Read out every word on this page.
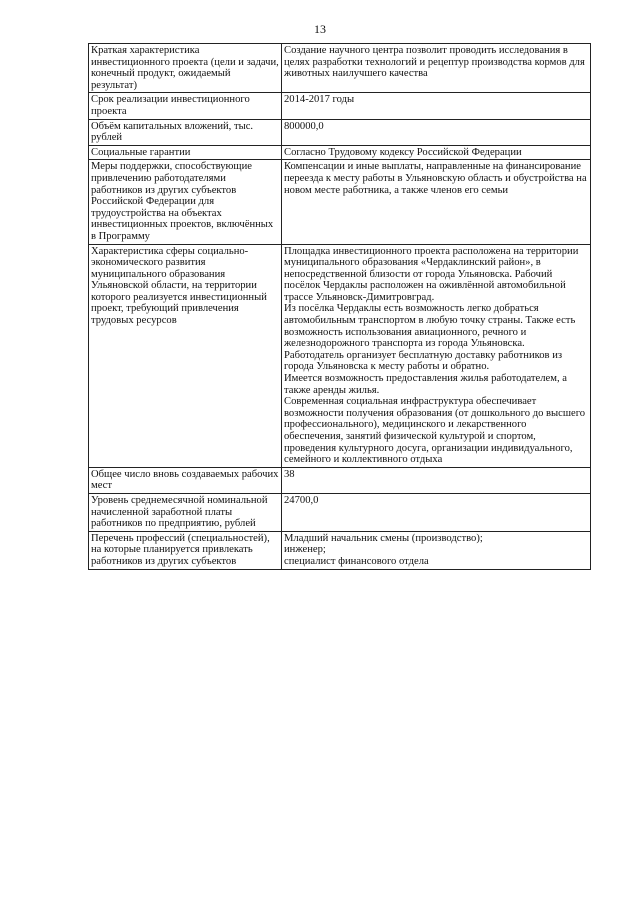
13
Краткая характеристика инвестиционного проекта (цели и задачи, конечный продукт, ожидаемый результат)	Создание научного центра позволит проводить исследования в целях разработки технологий и рецептур производства кормов для животных наилучшего качества

Срок реализации инвестиционного проекта	2014-2017 годы

Объём капитальных вложений, тыс. рублей	800000,0

Социальные гарантии	Согласно Трудовому кодексу Российской Федерации

Меры поддержки, способствующие привлечению работодателями работников из других субъектов Российской Федерации для трудоустройства на объектах инвестиционных проектов, включённых в Программу	Компенсации и иные выплаты, направленные на финансирование переезда к месту работы в Ульяновскую область и обустройства на новом месте работника, а также членов его семьи

Характеристика сферы социально-экономического развития муниципального образования Ульяновской области, на территории которого реализуется инвестиционный проект, требующий привлечения трудовых ресурсов	Площадка инвестиционного проекта расположена на территории муниципального образования «Чердаклинский район», в непосредственной близости от города Ульяновска. Рабочий посёлок Чердаклы расположен на оживлённой автомобильной трассе Ульяновск-Димитровград.
Из посёлка Чердаклы есть возможность легко добраться автомобильным транспортом в любую точку страны. Также есть возможность использования авиационного, речного и железнодорожного транспорта из города Ульяновска.
Работодатель организует бесплатную доставку работников из города Ульяновска к месту работы и обратно.
Имеется возможность предоставления жилья работодателем, а также аренды жилья.
Современная социальная инфраструктура обеспечивает возможности получения образования (от дошкольного до высшего профессионального), медицинского и лекарственного обеспечения, занятий физической культурой и спортом, проведения культурного досуга, организации индивидуального, семейного и коллективного отдыха

Общее число вновь создаваемых рабочих мест	38

Уровень среднемесячной номинальной начисленной заработной платы работников по предприятию, рублей	24700,0

Перечень профессий (специальностей), на которые планируется привлекать работников из других субъектов	Младший начальник смены (производство);
инженер;
специалист финансового отдела
